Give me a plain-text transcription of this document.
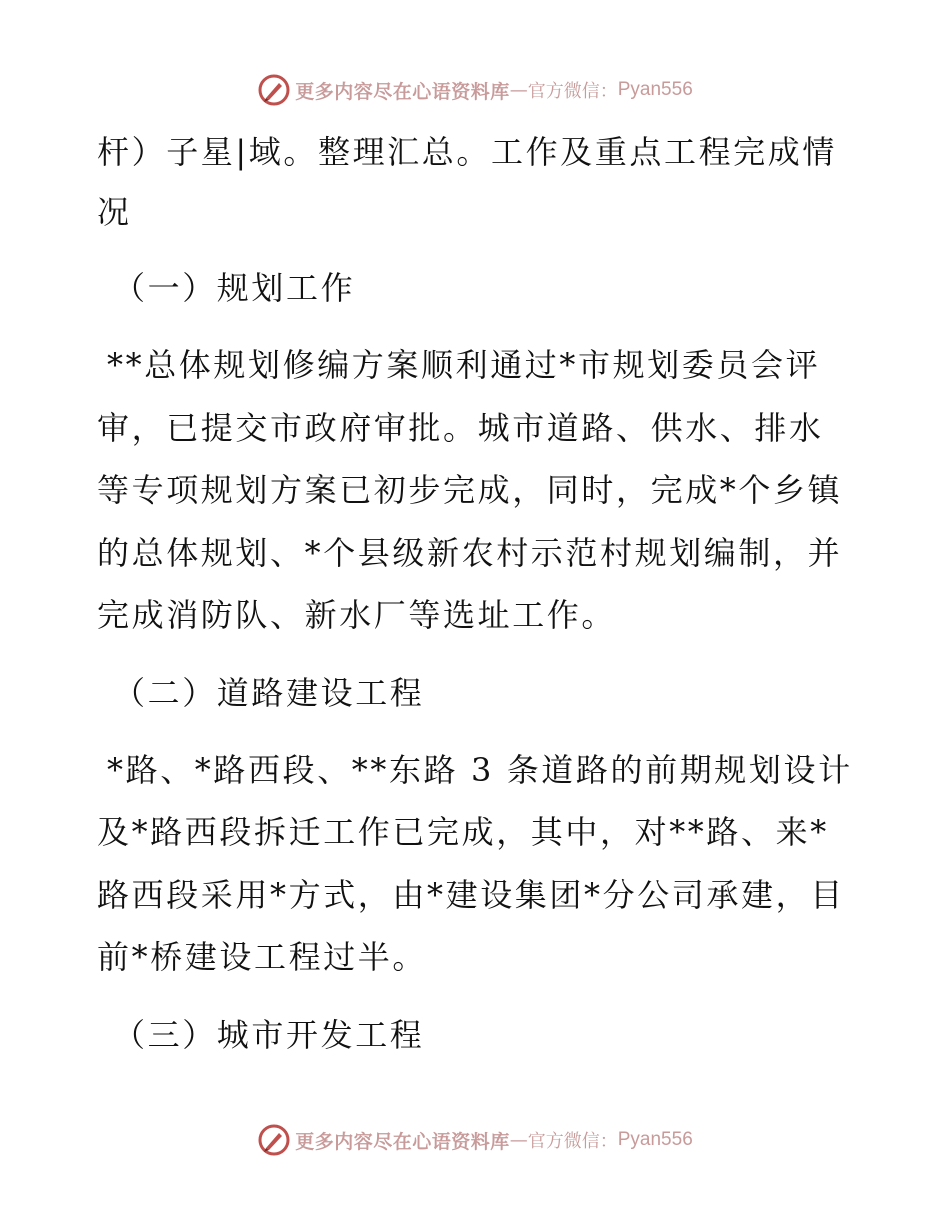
更多内容尽在心语资料库 — 官方微信： Pyan556

杆）子星|域。整理汇总。工作及重点工程完成情

况

（一）规划工作

**总体规划修编方案顺利通过*市规划委员会评审，已提交市政府审批。城市道路、供水、排水等专项规划方案已初步完成，同时，完成*个乡镇的总体规划、*个县级新农村示范村规划编制，并完成消防队、新水厂等选址工作。

（二）道路建设工程

*路、*路西段、**东路 3 条道路的前期规划设计及*路西段拆迁工作已完成，其中，对**路、来*路西段采用*方式，由*建设集团*分公司承建，目前*桥建设工程过半。

（三）城市开发工程

更多内容尽在心语资料库 — 官方微信： Pyan556
